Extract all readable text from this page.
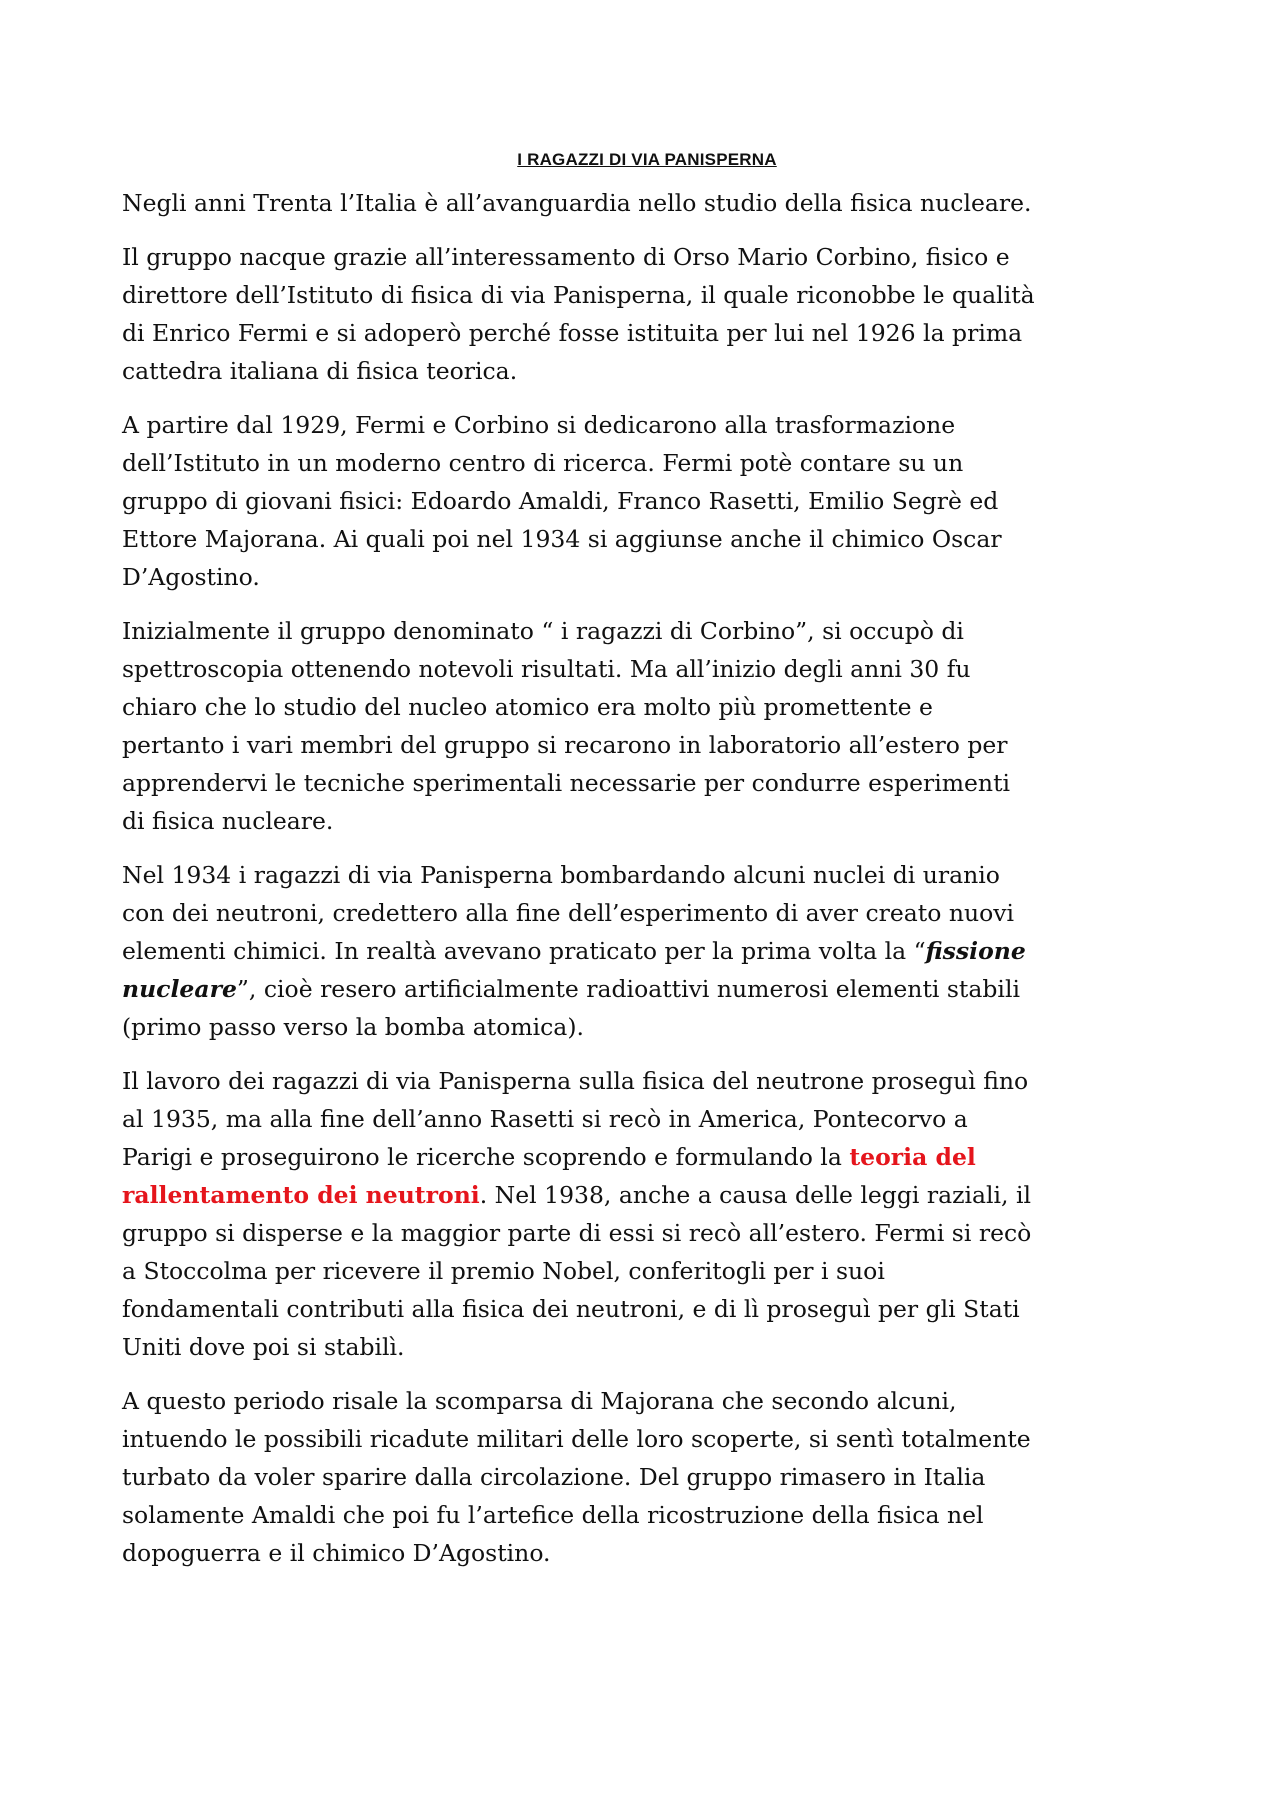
I RAGAZZI DI VIA PANISPERNA

Negli anni Trenta l’Italia è all’avanguardia nello studio della fisica nucleare.

Il gruppo nacque grazie all’interessamento di Orso Mario Corbino, fisico e
direttore dell’Istituto di fisica di via Panisperna, il quale riconobbe le qualità
di Enrico Fermi e si adoperò perché fosse istituita per lui nel 1926 la prima
cattedra italiana di fisica teorica.

A partire dal 1929, Fermi e Corbino si dedicarono alla trasformazione
dell’Istituto in un moderno centro di ricerca. Fermi potè contare su un
gruppo di giovani fisici: Edoardo Amaldi, Franco Rasetti, Emilio Segrè ed
Ettore Majorana. Ai quali poi nel 1934 si aggiunse anche il chimico Oscar
D’Agostino.

Inizialmente il gruppo denominato “ i ragazzi di Corbino”, si occupò di
spettroscopia ottenendo notevoli risultati. Ma all’inizio degli anni 30 fu
chiaro che lo studio del nucleo atomico era molto più promettente e
pertanto i vari membri del gruppo si recarono in laboratorio all’estero per
apprendervi le tecniche sperimentali necessarie per condurre esperimenti
di fisica nucleare.

Nel 1934 i ragazzi di via Panisperna bombardando alcuni nuclei di uranio
con dei neutroni, credettero alla fine dell’esperimento di aver creato nuovi
elementi chimici. In realtà avevano praticato per la prima volta la “fissione
nucleare”, cioè resero artificialmente radioattivi numerosi elementi stabili
(primo passo verso la bomba atomica).

Il lavoro dei ragazzi di via Panisperna sulla fisica del neutrone proseguì fino
al 1935, ma alla fine dell’anno Rasetti si recò in America, Pontecorvo a
Parigi e proseguirono le ricerche scoprendo e formulando la teoria del
rallentamento dei neutroni. Nel 1938, anche a causa delle leggi raziali, il
gruppo si disperse e la maggior parte di essi si recò all’estero. Fermi si recò
a Stoccolma per ricevere il premio Nobel, conferitogli per i suoi
fondamentali contributi alla fisica dei neutroni, e di lì proseguì per gli Stati
Uniti dove poi si stabilì.

A questo periodo risale la scomparsa di Majorana che secondo alcuni,
intuendo le possibili ricadute militari delle loro scoperte, si sentì totalmente
turbato da voler sparire dalla circolazione. Del gruppo rimasero in Italia
solamente Amaldi che poi fu l’artefice della ricostruzione della fisica nel
dopoguerra e il chimico D’Agostino.
